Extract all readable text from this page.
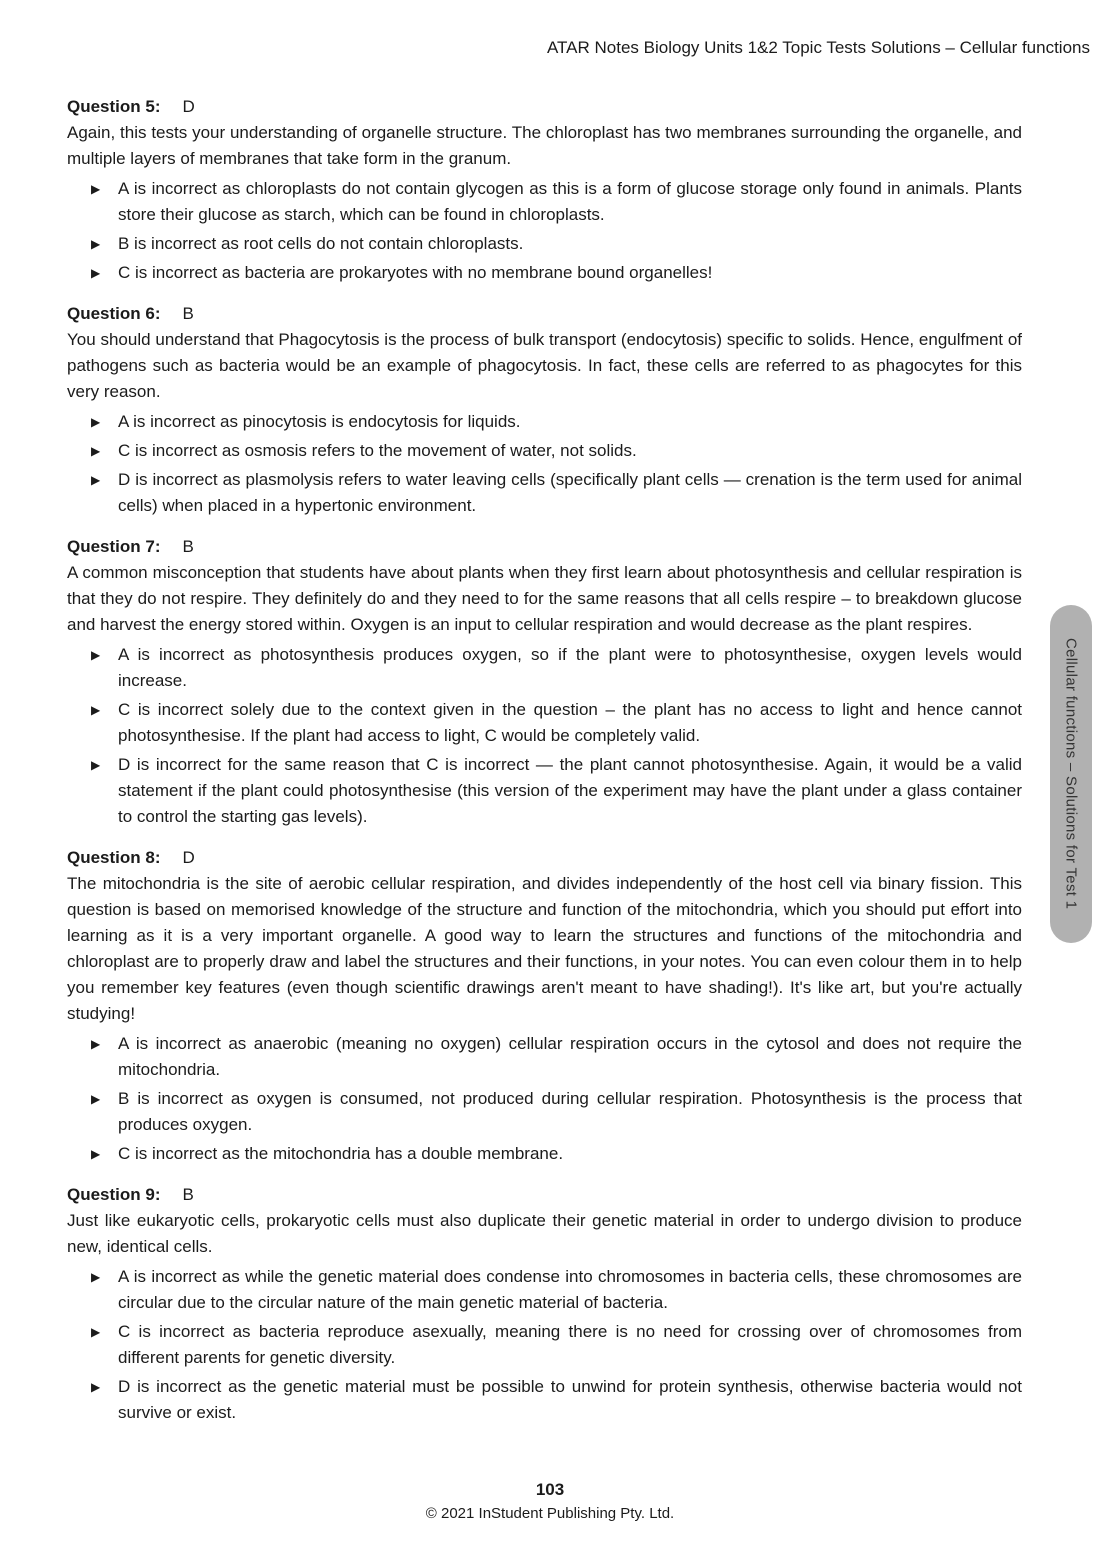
ATAR Notes Biology Units 1&2 Topic Tests Solutions – Cellular functions
Question 5: D

Again, this tests your understanding of organelle structure. The chloroplast has two membranes surrounding the organelle, and multiple layers of membranes that take form in the granum.

▶ A is incorrect as chloroplasts do not contain glycogen as this is a form of glucose storage only found in animals. Plants store their glucose as starch, which can be found in chloroplasts.
▶ B is incorrect as root cells do not contain chloroplasts.
▶ C is incorrect as bacteria are prokaryotes with no membrane bound organelles!
Question 6: B

You should understand that Phagocytosis is the process of bulk transport (endocytosis) specific to solids. Hence, engulfment of pathogens such as bacteria would be an example of phagocytosis. In fact, these cells are referred to as phagocytes for this very reason.

▶ A is incorrect as pinocytosis is endocytosis for liquids.
▶ C is incorrect as osmosis refers to the movement of water, not solids.
▶ D is incorrect as plasmolysis refers to water leaving cells (specifically plant cells — crenation is the term used for animal cells) when placed in a hypertonic environment.
Question 7: B

A common misconception that students have about plants when they first learn about photosynthesis and cellular respiration is that they do not respire. They definitely do and they need to for the same reasons that all cells respire – to breakdown glucose and harvest the energy stored within. Oxygen is an input to cellular respiration and would decrease as the plant respires.

▶ A is incorrect as photosynthesis produces oxygen, so if the plant were to photosynthesise, oxygen levels would increase.
▶ C is incorrect solely due to the context given in the question – the plant has no access to light and hence cannot photosynthesise. If the plant had access to light, C would be completely valid.
▶ D is incorrect for the same reason that C is incorrect — the plant cannot photosynthesise. Again, it would be a valid statement if the plant could photosynthesise (this version of the experiment may have the plant under a glass container to control the starting gas levels).
Question 8: D

The mitochondria is the site of aerobic cellular respiration, and divides independently of the host cell via binary fission. This question is based on memorised knowledge of the structure and function of the mitochondria, which you should put effort into learning as it is a very important organelle. A good way to learn the structures and functions of the mitochondria and chloroplast are to properly draw and label the structures and their functions, in your notes. You can even colour them in to help you remember key features (even though scientific drawings aren't meant to have shading!). It's like art, but you're actually studying!

▶ A is incorrect as anaerobic (meaning no oxygen) cellular respiration occurs in the cytosol and does not require the mitochondria.
▶ B is incorrect as oxygen is consumed, not produced during cellular respiration. Photosynthesis is the process that produces oxygen.
▶ C is incorrect as the mitochondria has a double membrane.
Question 9: B

Just like eukaryotic cells, prokaryotic cells must also duplicate their genetic material in order to undergo division to produce new, identical cells.

▶ A is incorrect as while the genetic material does condense into chromosomes in bacteria cells, these chromosomes are circular due to the circular nature of the main genetic material of bacteria.
▶ C is incorrect as bacteria reproduce asexually, meaning there is no need for crossing over of chromosomes from different parents for genetic diversity.
▶ D is incorrect as the genetic material must be possible to unwind for protein synthesis, otherwise bacteria would not survive or exist.
Cellular functions – Solutions for Test 1
103
© 2021 InStudent Publishing Pty. Ltd.
